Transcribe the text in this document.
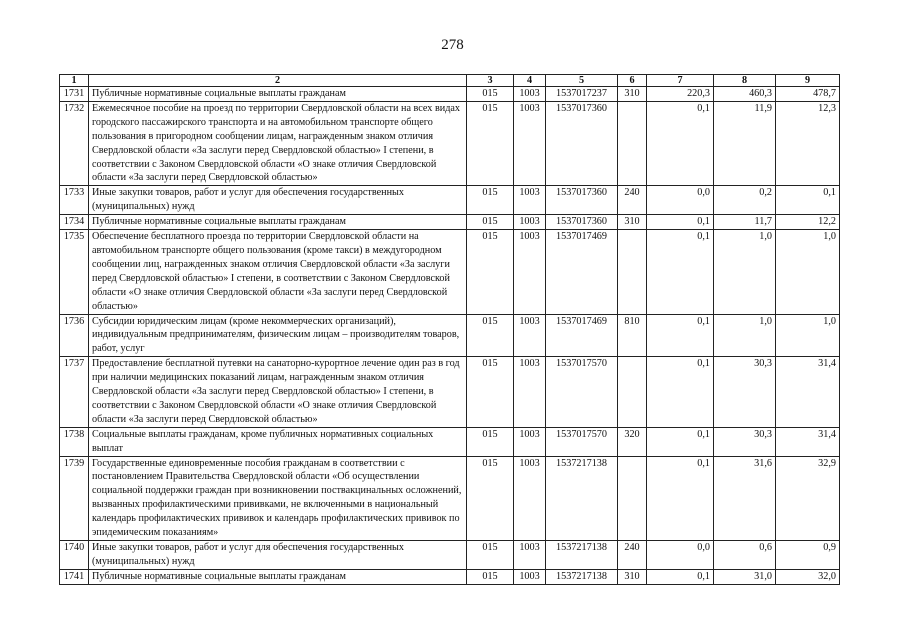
278
1	2	3	4	5	6	7	8	9
1731	Публичные нормативные социальные выплаты гражданам	015	1003	1537017237	310	220,3	460,3	478,7
1732	Ежемесячное пособие на проезд по территории Свердловской области на всех видах городского пассажирского транспорта и на автомобильном транспорте общего пользования в пригородном сообщении лицам, награжденным знаком отличия Свердловской области «За заслуги перед Свердловской областью» I степени, в соответствии с Законом Свердловской области «О знаке отличия Свердловской области «За заслуги перед Свердловской областью»	015	1003	1537017360		0,1	11,9	12,3
1733	Иные закупки товаров, работ и услуг для обеспечения государственных (муниципальных) нужд	015	1003	1537017360	240	0,0	0,2	0,1
1734	Публичные нормативные социальные выплаты гражданам	015	1003	1537017360	310	0,1	11,7	12,2
1735	Обеспечение бесплатного проезда по территории Свердловской области на автомобильном транспорте общего пользования (кроме такси) в междугородном сообщении лиц, награжденных знаком отличия Свердловской области «За заслуги перед Свердловской областью» I степени, в соответствии с Законом Свердловской области «О знаке отличия Свердловской области «За заслуги перед Свердловской областью»	015	1003	1537017469		0,1	1,0	1,0
1736	Субсидии юридическим лицам (кроме некоммерческих организаций), индивидуальным предпринимателям, физическим лицам – производителям товаров, работ, услуг	015	1003	1537017469	810	0,1	1,0	1,0
1737	Предоставление бесплатной путевки на санаторно-курортное лечение один раз в год при наличии медицинских показаний лицам, награжденным знаком отличия Свердловской области «За заслуги перед Свердловской областью» I степени, в соответствии с Законом Свердловской области «О знаке отличия Свердловской области «За заслуги перед Свердловской областью»	015	1003	1537017570		0,1	30,3	31,4
1738	Социальные выплаты гражданам, кроме публичных нормативных социальных выплат	015	1003	1537017570	320	0,1	30,3	31,4
1739	Государственные единовременные пособия гражданам в соответствии с постановлением Правительства Свердловской области «Об осуществлении социальной поддержки граждан при возникновении поствакцинальных осложнений, вызванных профилактическими прививками, не включенными в национальный календарь профилактических прививок и календарь профилактических прививок по эпидемическим показаниям»	015	1003	1537217138		0,1	31,6	32,9
1740	Иные закупки товаров, работ и услуг для обеспечения государственных (муниципальных) нужд	015	1003	1537217138	240	0,0	0,6	0,9
1741	Публичные нормативные социальные выплаты гражданам	015	1003	1537217138	310	0,1	31,0	32,0
